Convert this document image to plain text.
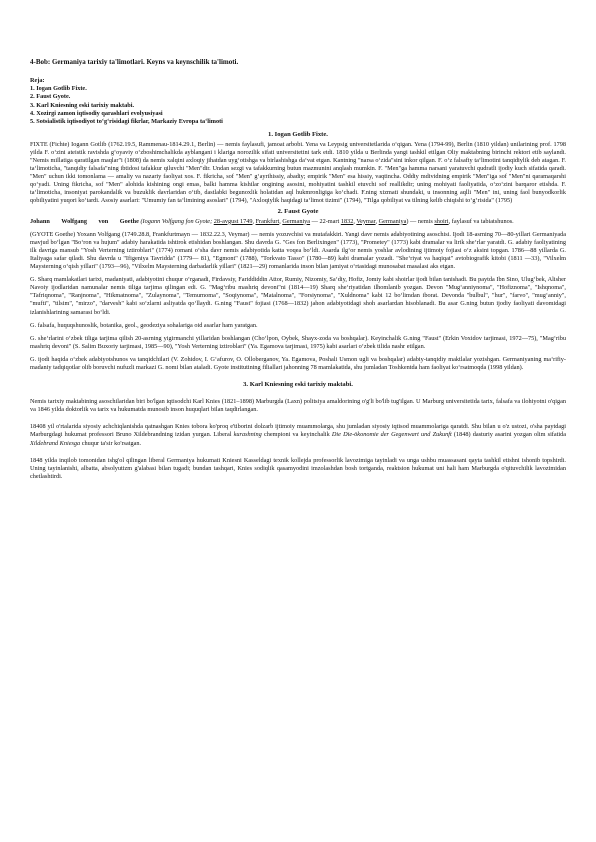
4-Bob: Germaniya tarixiy ta'limotlari. Keyns va keynschilik ta'limoti.
Reja:
1. Iogan Gotlib Fixte.
2. Faust Gyote.
3. Karl Kniesning eski tarixiy maktabi.
4. Xozirgi zamon iqtisodiy qarashlari evolyusiyasi
5. Sotsialistik iqtisodiyot to‘g‘risidagi fikrlar, Markaziy Evropa ta‘limoti
1. Iogan Gotlib Fixte.

FIXTE (Fichte) Iogann Gotlib (1762.19.5, Rammenau‑1814.29.1, Berlin) — nemis faylasufi, jamoat arbobi. Yena va Leypsig universitetlarida o‘qigan. Yena (1794‑99), Berlin (1810 yildan) unilarining prof. 1798 yilda F. o‘zini ateistik ravishda g‘oyaviy o‘zboshimchalikda ayblangani i klariga norozilik sifati universitetini tark etdi. 1810 yilda u Berlinda yangi tashkil etilgan Oliy maktabning birinchi rektori etib saylandi. "Nemis millatiga qaratilgan maqlar"i (1808) da nemis xalqini axloqiy jihatdan uyg‘otishga va birlashishga da‘vat etgan. Kantning "narsa o‘zida"sini inkor qilgan. F. o‘z falsafiy ta‘limotini tanqidiylik deb atagan. F. ta‘limoticha, "tanqidiy falsafa"ning ibtidosi tafakkur qiluvchi "Men"dir. Undan sezgi va tafakkurning butun mazmunini anqlash mumkin. F. "Men"ga hamma narsani yaratuvchi qudratli ijodiy kuch sifatida qaradi. "Men" uchun ikki tomonlama — amaliy va nazariy faoliyat xos. F. fikricha, sof "Men" g‘ayrihissiy, abadiy; empirik "Men" esa hissiy, vaqtincha. Oddiy mdividning empirik "Men"iga sof "Men"ni qaramaqarshi qo‘yadi. Uning fikricha, sof "Men" alohida kishining ongi emas, balki hamma kishilar ongining asosini, mohiyatini tashkil etuvchi sof reallikdir; uning mohiyati faoliyatida, o‘zo‘zini barqaror etishda. F. ta‘limoticha, insoniyat parokandalik va buzuklik davrlaridan o‘tib, dastlabki begunoxlik holatidan aql hukmronligiga ko‘chadi. F.ning xizmati shundaki, u insonning aqlli "Men" ini, uning faol bunyodkorlik qobiliyatini yuqori ko‘tardi. Asosiy asarlari: "Umumiy fan ta‘limining asoslari" (1794), "Axloqiylik haqidagi ta‘limot tizimi" (1794), "Tilga qobiliyat va tilning kelib chiqishi to‘g‘risida" (1795)

2. Faust Gyote

Johann Wolfgang von Goethe (Iogann Volfgang fon Gyote; 28-avgust 1749, Frankfurt, Germaniya — 22-mart 1832, Veymar, Germaniya) — nemis shoiri, faylasuf va tabiatshunos.

(GYOTE Goethe) Yoxann Volfgang (1749.28.8, Frankfurtmayn — 1832.22.3, Veymar) — nemis yozuvchisi va mutafakkiri. Yangi davr nemis adabiyotining asoschisi. Ijodi 18-asrning 70—80-yillari Germaniyada mavjud bo‘lgan "Bo‘ron va hujum" adabiy harakatida ishtirok etishidan boshlangan. Shu davrda G. "Ges fon Berlixingen" (1773), "Prometey" (1773) kabi dramalar va lirik she‘rlar yaratdi. G. adabiy faoliyatining ilk davriga mansub "Yosh Verterning iztiroblari" (1774) romani o‘sha davr nemis adabiyotida katta voqea bo‘ldi. Asarda ilg‘or nemis yoshlar avlodining ijtimoiy fojiasi o‘z aksini topgan. 1786—88 yillarda G. Italiyaga safar qiladi. Shu davrda u "Ifigeniya Tavridda" (1779— 81), "Egmont" (1788), "Torkvato Tasso" (1780—89) kabi dramalar yozadi. "She‘riyat va haqiqat" avtobiografik kitobi (1811 —33), "Vilxelm Maysterning o‘qish yillari" (1793—96), "Vilxelm Maysterning darbadarlik yillari" (1821—29) romanlarida inson bilan jamiyat o‘rtasidagi munosabat masalasi aks etgan.

G. Sharq mamlakatlari tarixi, madaniyati, adabiyotini chuqur o‘rganadi, Firdavsiy, Fariddiddin Attor, Rumiy, Nizomiy, Sa‘diy, Hofiz, Jomiy kabi shoirlar ijodi bilan tanishadi. Bu paytda Ibn Sino, Ulug‘bek, Alisher Navoiy ijodlaridan namunalar nemis tiliga tarjima qilingan edi. G. "Mag‘ribu mashriq devoni"ni (1814—19) Sharq she‘riyatidan ilhomlanib yozgan. Devon "Mug‘anniynoma", "Hofiznoma", "Ishqnoma", "Tafriqnoma", "Ranjnoma", "Hikmatnoma", "Zulaynoma", "Temurnoma", "Soqiynoma", "Matalnoma", "Forsiynoma", "Xuldnoma" kabi 12 bo‘limdan iborat. Devonda "bulbul", "hur", "farvo", "mug‘anniy", "mufti", "tilsim", "mirzo", "darvesh" kabi so‘zlarni asliyatda qo‘llaydi. G.ning "Faust" fojiasi (1768—1832) jahon adabiyotidagi shoh asarlardan hisoblanadi. Bu asar G.ning butun ijodiy faoliyati davomidagi izlanishlarining samarasi bo‘ldi.

G. falsafa, huquqshunoslik, botanika, geol., geodeziya sohalariga oid asarlar ham yaratgan.

G. she‘rlarini o‘zbek tiliga tarjima qilish 20-asrning yigirmanchi yillaridan boshlangan (Cho‘lpon, Oybek, Shayx-zoda va boshqalar). Keyinchalik G.ning "Faust" (Erkin Voxidov tarjimasi, 1972—75), "Mag‘ribu mashriq devoni" (S. Salim Buxoriy tarjimasi, 1985—90), "Yosh Verterning iztiroblari" (Ya. Egamova tarjimasi, 1975) kabi asarlari o‘zbek tilida nashr etilgan.

G. ijodi haqida o‘zbek adabiyotshunos va tanqidchilari (V. Zohidov, I. G‘afurov, O. Olloberganov, Ya. Egamova, Poshali Usmon ugli va boshqalar) adabiy-tanqidiy maktlalar yozishgan. Germaniyaning ma‘rifiy-madaniy tadqiqotlar olib boruvchi nufuzli markazi G. nomi bilan ataladi. Gyote institutining filiallari jahonning 78 mamlakatida, shu jumladan Toshkentda ham faoliyat ko‘rsatmoqda (1998 yildan).

3. Karl Kniesning eski tarixiy maktabi.

Nemis tarixiy maktabining asoschilaridan biri bo'lgan iqtisodchi Karl Knies (1821–1898) Marburgda (Laxn) politsiya amaldorining o'g'li bo'lib tug'ilgan. U Marburg universitetida tarix, falsafa va ilohiyotni o'qigan va 1846 yilda doktorlik va tarix va hukumatda munosib inson huquqlari bilan taqdirlangan.

18408 yil o'rtalarida siyosiy achchiqlanishda qatnashgan Knies tobora ko'proq e'tiborini dolzarb ijtimoiy muammolarga, shu jumladan siyosiy iqtisod muammolariga qaratdi. Shu bilan u o'z ustozi, o'sha paytdagi Marburgdagi hukumat professori Bruno Xildebrandning izidan yurgan. Liberal kurashning chempioni va keyinchalik Die Die-ökonomie der Gegenwart und Zukunft (1848) dasturiy asarini yozgan olim sifatida Xildebrand Kniesga chuqur ta'sir ko'rsatgan.

1848 yilda inqilob tomonidan ishg'ol qilingan liberal Germaniya hukumati Kniesni Kasseldagi texnik kollejda professorlik lavozimiga tayinladi va unga ushbu muassasani qayta tashkil etishni ishonib topshirdi. Uning tayinlanishi, albatta, absolyutizm g'alabasi bilan tugadi; bundan tashqari, Knies sodiqlik qasamyodini imzolashdan bosh tortganda, reaktsion hukumat uni hali ham Marburgda o'qituvchilik lavozimidan chetlashtirdi.
